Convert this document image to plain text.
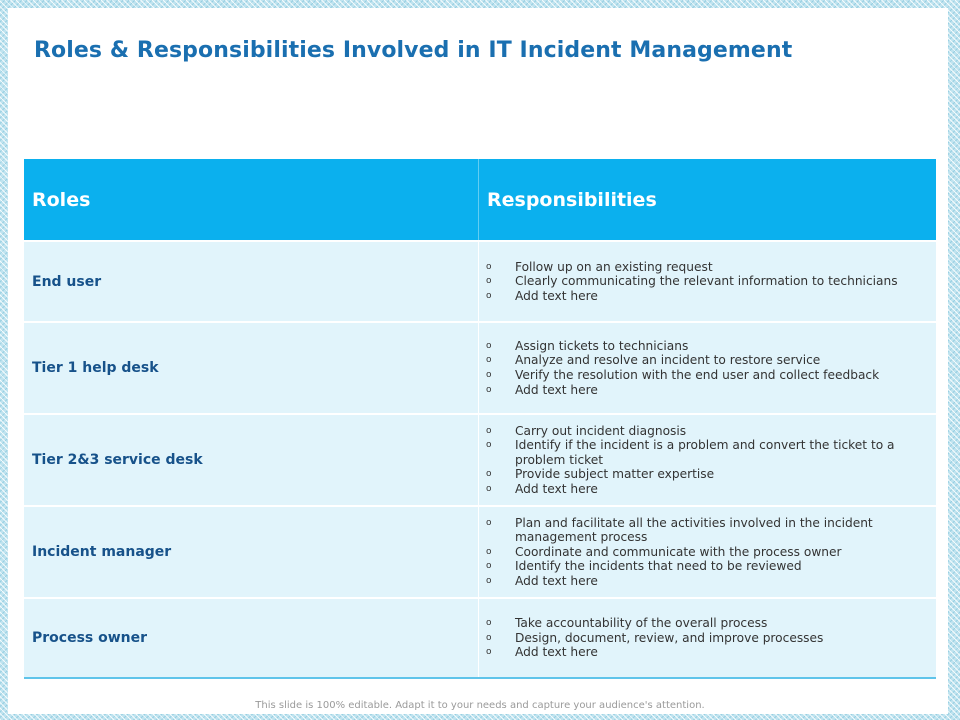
Roles & Responsibilities Involved in IT Incident Management
Roles	Responsibilities
End user
o	Follow up on an existing request
o	Clearly communicating the relevant information to technicians
o	Add text here
Tier 1 help desk
o	Assign tickets to technicians
o	Analyze and resolve an incident to restore service
o	Verify the resolution with the end user and collect feedback
o	Add text here
Tier 2&3 service desk
o	Carry out incident diagnosis
o	Identify if the incident is a problem and convert the ticket to a problem ticket
o	Provide subject matter expertise
o	Add text here
Incident manager
o	Plan and facilitate all the activities involved in the incident management process
o	Coordinate and communicate with the process owner
o	Identify the incidents that need to be reviewed
o	Add text here
Process owner
o	Take accountability of the overall process
o	Design, document, review, and improve processes
o	Add text here
This slide is 100% editable. Adapt it to your needs and capture your audience's attention.
